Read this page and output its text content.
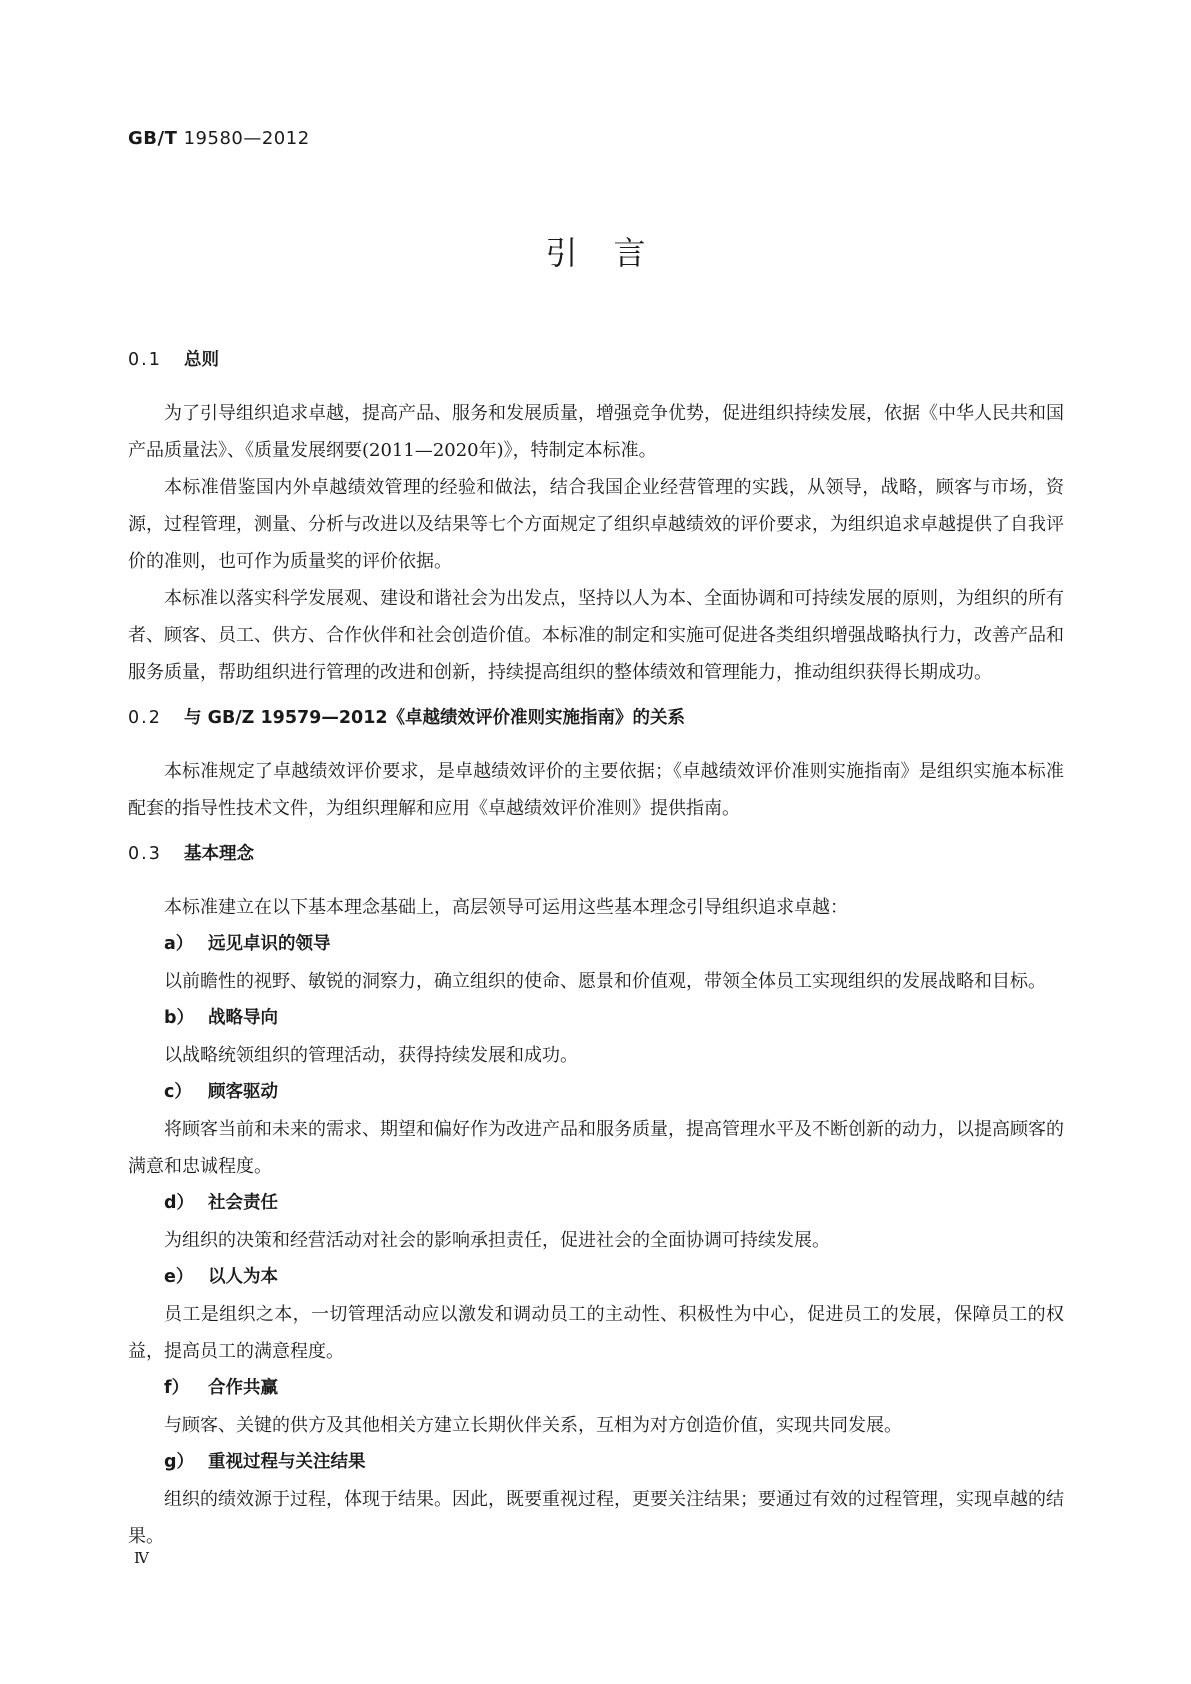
GB/T 19580—2012
引言
0.1 总则

为了引导组织追求卓越，提高产品、服务和发展质量，增强竞争优势，促进组织持续发展，依据《中华人民共和国产品质量法》、《质量发展纲要(2011—2020年)》，特制定本标准。

本标准借鉴国内外卓越绩效管理的经验和做法，结合我国企业经营管理的实践，从领导，战略，顾客与市场，资源，过程管理，测量、分析与改进以及结果等七个方面规定了组织卓越绩效的评价要求，为组织追求卓越提供了自我评价的准则，也可作为质量奖的评价依据。

本标准以落实科学发展观、建设和谐社会为出发点，坚持以人为本、全面协调和可持续发展的原则，为组织的所有者、顾客、员工、供方、合作伙伴和社会创造价值。本标准的制定和实施可促进各类组织增强战略执行力，改善产品和服务质量，帮助组织进行管理的改进和创新，持续提高组织的整体绩效和管理能力，推动组织获得长期成功。

0.2 与 GB/Z 19579—2012《卓越绩效评价准则实施指南》的关系

本标准规定了卓越绩效评价要求，是卓越绩效评价的主要依据；《卓越绩效评价准则实施指南》是组织实施本标准配套的指导性技术文件，为组织理解和应用《卓越绩效评价准则》提供指南。

0.3 基本理念

本标准建立在以下基本理念基础上，高层领导可运用这些基本理念引导组织追求卓越：

a） 远见卓识的领导

以前瞻性的视野、敏锐的洞察力，确立组织的使命、愿景和价值观，带领全体员工实现组织的发展战略和目标。

b） 战略导向

以战略统领组织的管理活动，获得持续发展和成功。

c） 顾客驱动

将顾客当前和未来的需求、期望和偏好作为改进产品和服务质量，提高管理水平及不断创新的动力，以提高顾客的满意和忠诚程度。

d） 社会责任

为组织的决策和经营活动对社会的影响承担责任，促进社会的全面协调可持续发展。

e） 以人为本

员工是组织之本，一切管理活动应以激发和调动员工的主动性、积极性为中心，促进员工的发展，保障员工的权益，提高员工的满意程度。

f） 合作共赢

与顾客、关键的供方及其他相关方建立长期伙伴关系，互相为对方创造价值，实现共同发展。

g） 重视过程与关注结果

组织的绩效源于过程，体现于结果。因此，既要重视过程，更要关注结果；要通过有效的过程管理，实现卓越的结果。

Ⅳ
